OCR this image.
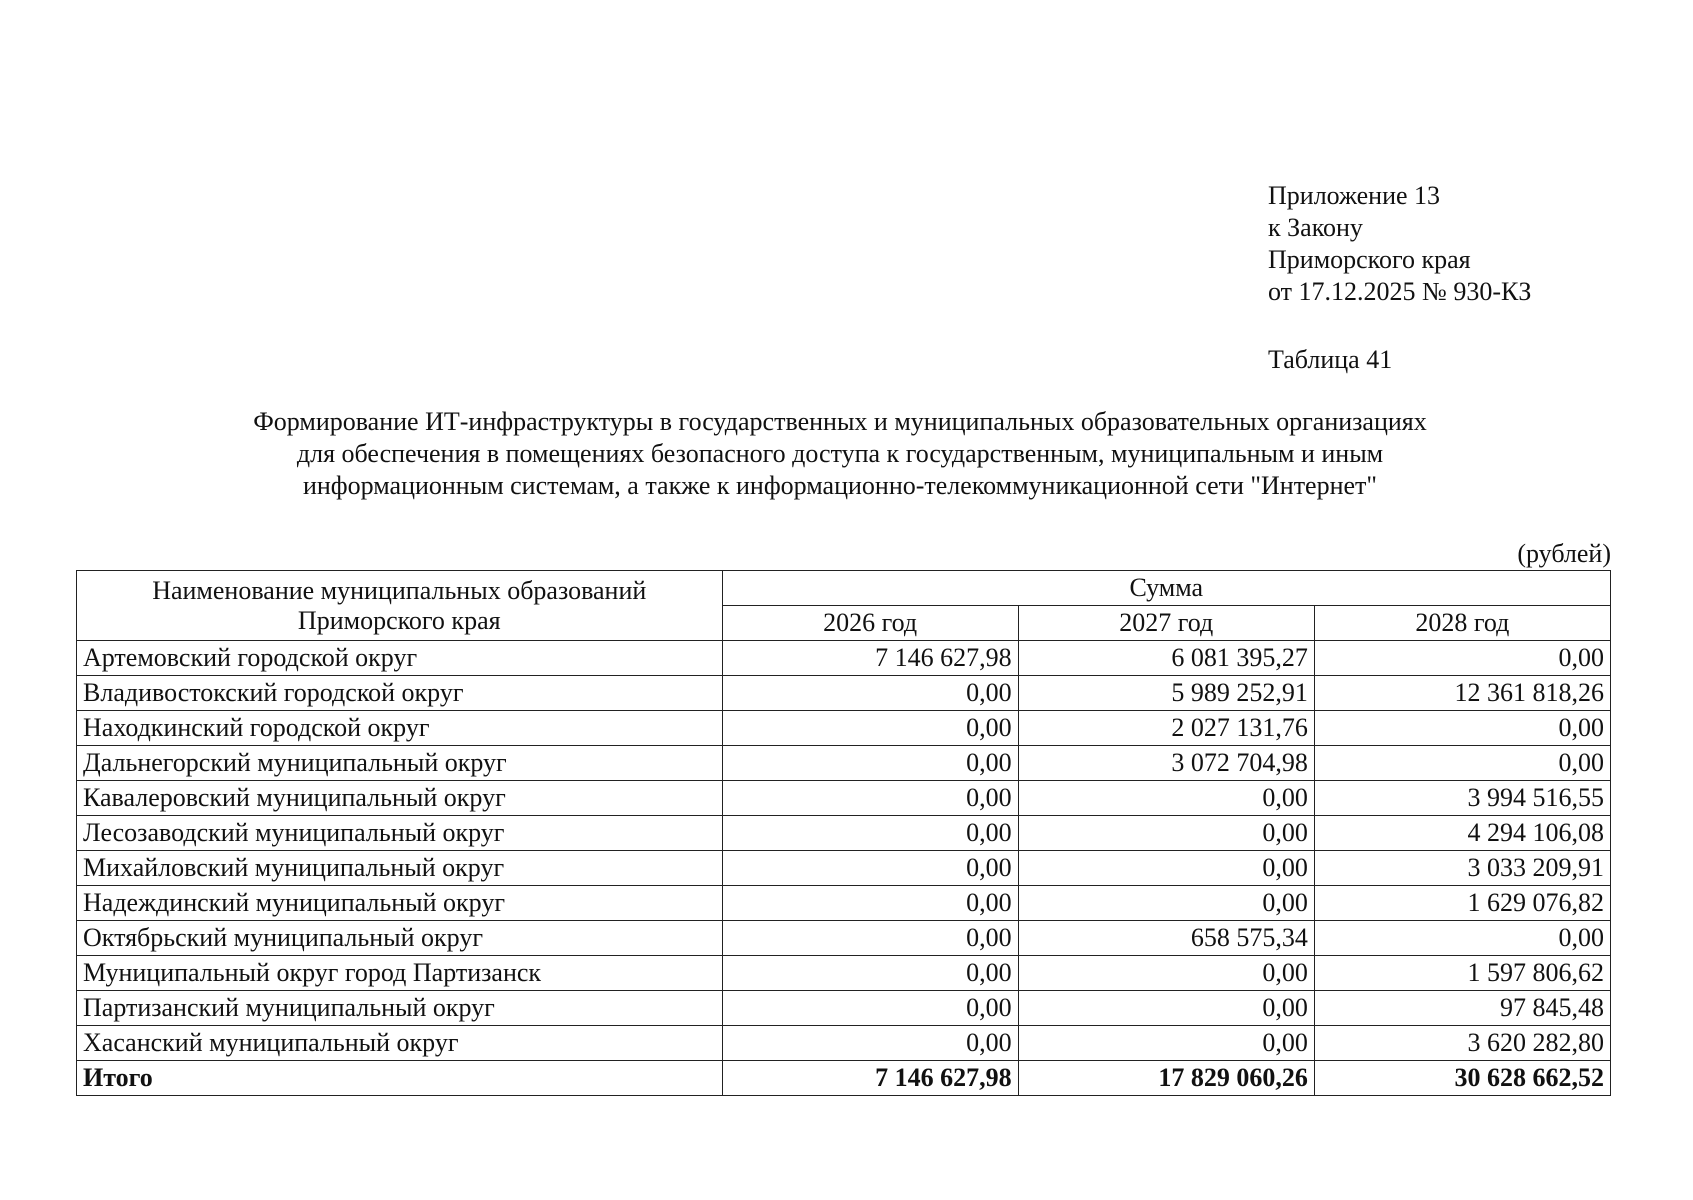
Приложение 13
к Закону
Приморского края
от 17.12.2025 № 930-КЗ
Таблица 41
Формирование ИТ-инфраструктуры в государственных и муниципальных образовательных организациях
для обеспечения в помещениях безопасного доступа к государственным, муниципальным и иным
информационным системам, а также к информационно-телекоммуникационной сети "Интернет"
(рублей)
Наименование муниципальных образований Приморского края	Сумма		
	2026 год	2027 год	2028 год
Артемовский городской округ	7 146 627,98	6 081 395,27	0,00
Владивостокский городской округ	0,00	5 989 252,91	12 361 818,26
Находкинский городской округ	0,00	2 027 131,76	0,00
Дальнегорский муниципальный округ	0,00	3 072 704,98	0,00
Кавалеровский муниципальный округ	0,00	0,00	3 994 516,55
Лесозаводский муниципальный округ	0,00	0,00	4 294 106,08
Михайловский муниципальный округ	0,00	0,00	3 033 209,91
Надеждинский муниципальный округ	0,00	0,00	1 629 076,82
Октябрьский муниципальный округ	0,00	658 575,34	0,00
Муниципальный округ город Партизанск	0,00	0,00	1 597 806,62
Партизанский муниципальный округ	0,00	0,00	97 845,48
Хасанский муниципальный округ	0,00	0,00	3 620 282,80
Итого	7 146 627,98	17 829 060,26	30 628 662,52
